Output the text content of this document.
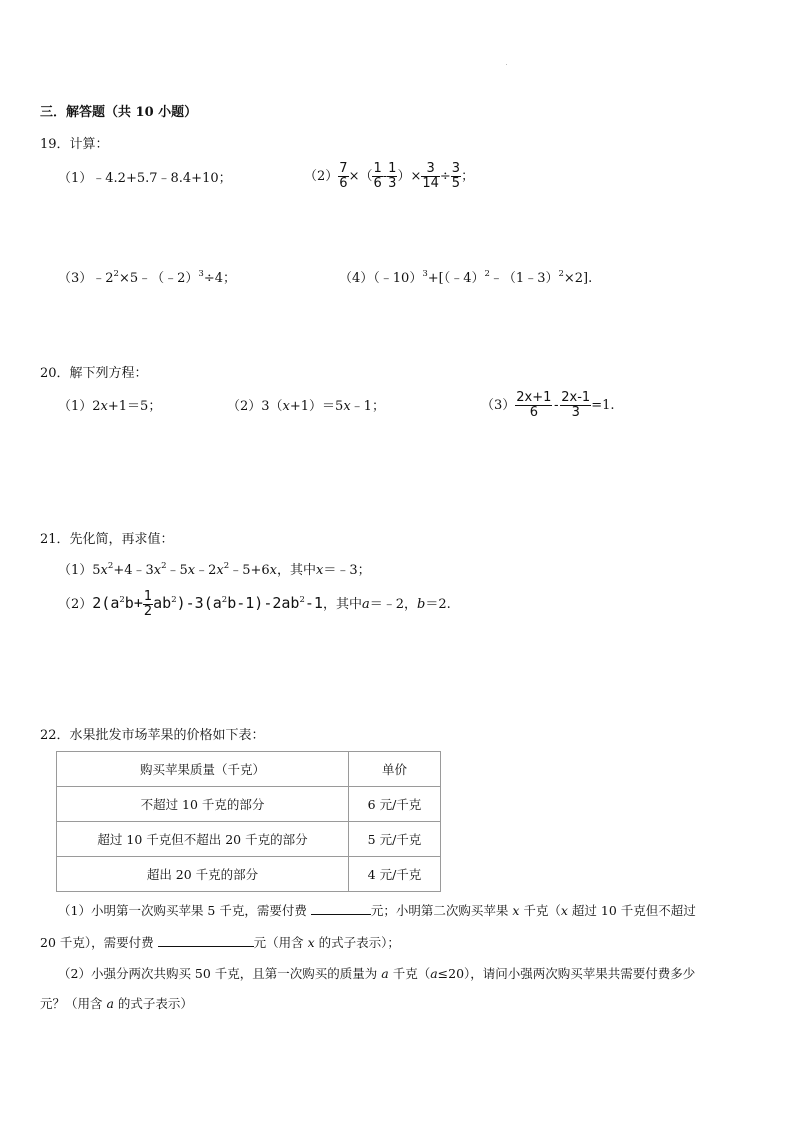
三．解答题（共 10 小题）
19．计算：
（1）﹣4.2+5.7﹣8.4+10；	$(2) \frac{7}{6}$ ×（ $\frac{1}{6} - \frac{1}{3}$ ）× $\frac{3}{14} \div \frac{3}{5}$ ；
$(3)﹣2^2\times 5﹣(﹣2)^3\div 4$；	（4）（﹣10）$^3$+[（﹣4）$^2$﹣（1﹣3）$^2$×2].
20．解下列方程：
（1）2x+1＝5；	（2）3（x+1）＝5x﹣1；	$(3) \frac{2x+1}{6} - \frac{2x-1}{3} =1$.
21．先化简，再求值：
$(1)5x^2+4﹣3x^2﹣5x﹣2x^2﹣5+6x$，其中x＝﹣3；
$(2)2(a^2b+ \frac{1}{2} ab^2)-3(a^2b-1)-2ab^2-1$，其中a＝﹣2，b＝2.
22．水果批发市场苹果的价格如下表：
购买苹果质量（千克）	单价
不超过 10 千克的部分	6 元/千克
超过 10 千克但不超出 20 千克的部分	5 元/千克
超出 20 千克的部分	4 元/千克
（1）小明第一次购买苹果 5 千克，需要付费	元；小明第二次购买苹果 x 千克（x 超过 10 千克但不超过
20 千克），需要付费	元（用含 x 的式子表示）；
（2）小强分两次共购买 50 千克，且第一次购买的质量为 a 千克（a≤20），请问小强两次购买苹果共需要付费多少
元？（用含 a 的式子表示）
